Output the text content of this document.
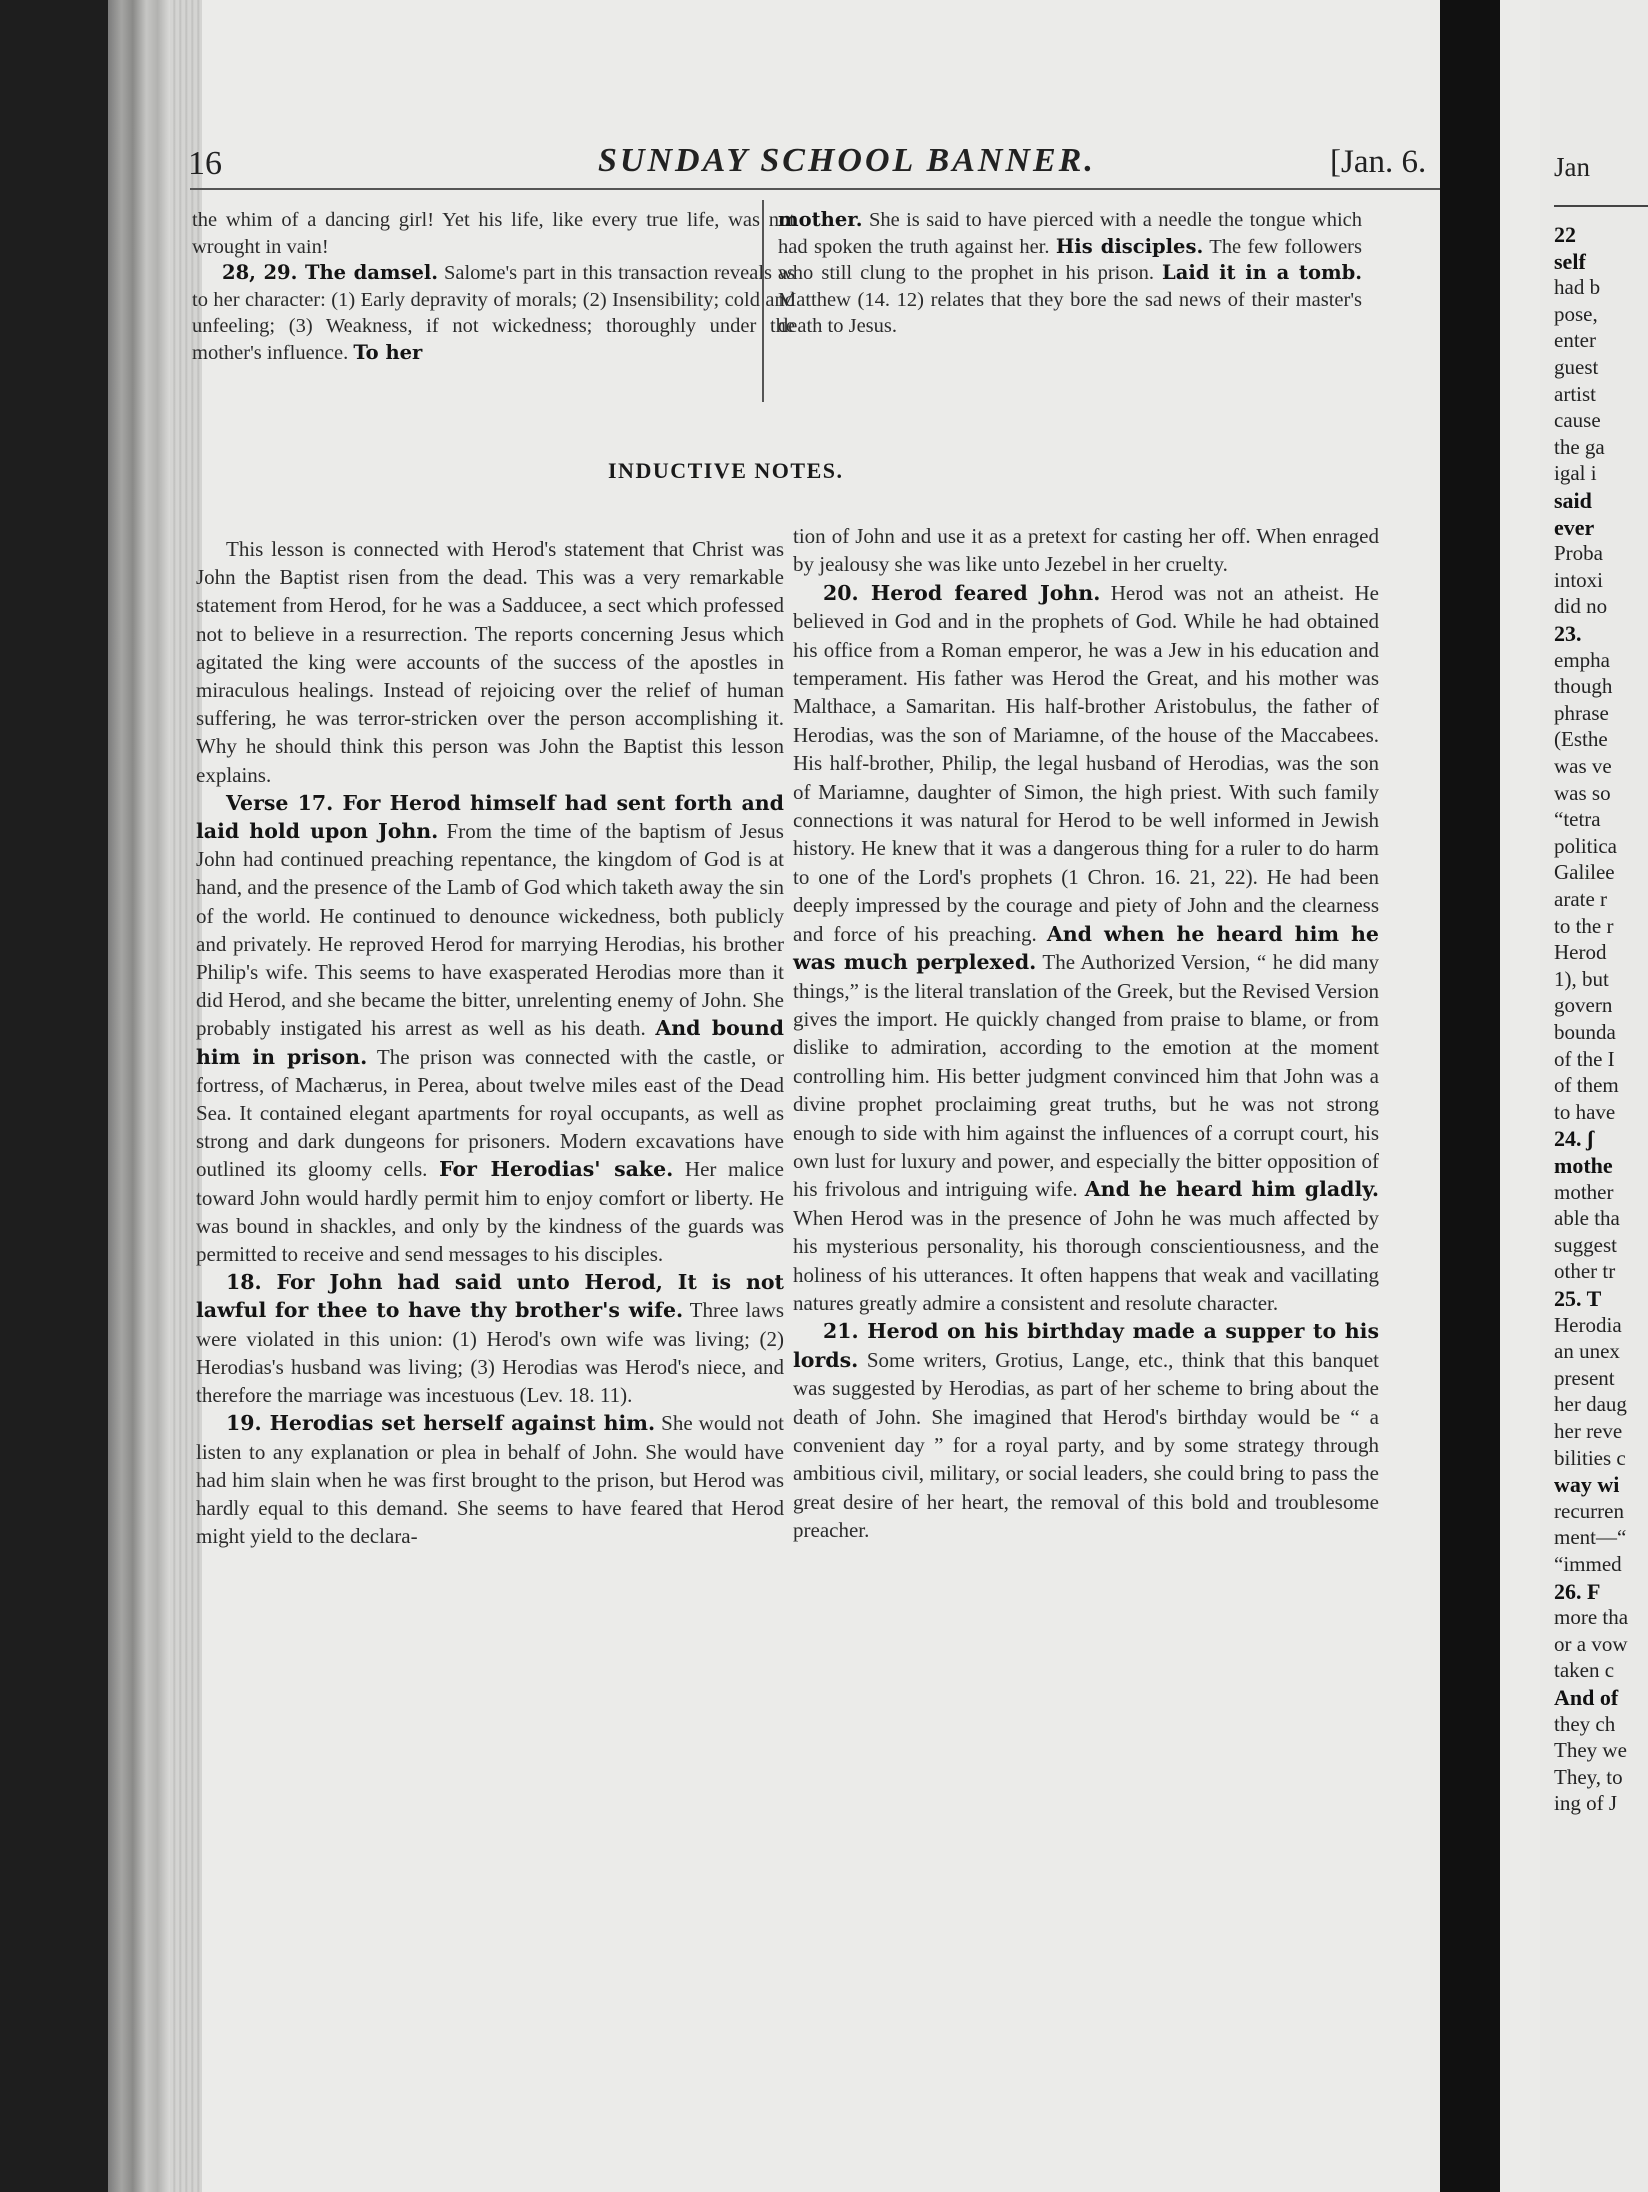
Jan
22
self
had b
pose,
enter
guest
artist
cause
the ga
igal i
said
ever
Proba
intoxi
did no
23.
empha
though
phrase
(Esthe
was ve
was so
“tetra
politica
Galilee
arate r
to the r
Herod
1), but
govern
bounda
of the I
of them
to have
24. ʃ
mothe
mother
able tha
suggest
other tr
25. T
Herodia
an unex
present
her daug
her reve
bilities c
way wi
recurren
ment—“
“immed
26. F
more tha
or a vow
taken c
And of
they ch
They we
They, to
ing of J
16	SUNDAY SCHOOL BANNER.	[Jan. 6.

the whim of a dancing girl! Yet his life, like every true life, was not wrought in vain!

28, 29. The damsel. Salome's part in this transaction reveals as to her character: (1) Early depravity of morals; (2) Insensibility; cold and unfeeling; (3) Weakness, if not wickedness; thoroughly under the mother's influence. To her

mother. She is said to have pierced with a needle the tongue which had spoken the truth against her. His disciples. The few followers who still clung to the prophet in his prison. Laid it in a tomb. Matthew (14. 12) relates that they bore the sad news of their master's death to Jesus.

INDUCTIVE NOTES.

This lesson is connected with Herod's statement that Christ was John the Baptist risen from the dead. This was a very remarkable statement from Herod, for he was a Sadducee, a sect which professed not to believe in a resurrection. The reports concerning Jesus which agitated the king were accounts of the success of the apostles in miraculous healings. Instead of rejoicing over the relief of human suffering, he was terror-stricken over the person accomplishing it. Why he should think this person was John the Baptist this lesson explains.

Verse 17. For Herod himself had sent forth and laid hold upon John. From the time of the baptism of Jesus John had continued preaching repentance, the kingdom of God is at hand, and the presence of the Lamb of God which taketh away the sin of the world. He continued to denounce wickedness, both publicly and privately. He reproved Herod for marrying Herodias, his brother Philip's wife. This seems to have exasperated Herodias more than it did Herod, and she became the bitter, unrelenting enemy of John. She probably instigated his arrest as well as his death. And bound him in prison. The prison was connected with the castle, or fortress, of Machærus, in Perea, about twelve miles east of the Dead Sea. It contained elegant apartments for royal occupants, as well as strong and dark dungeons for prisoners. Modern excavations have outlined its gloomy cells. For Herodias' sake. Her malice toward John would hardly permit him to enjoy comfort or liberty. He was bound in shackles, and only by the kindness of the guards was permitted to receive and send messages to his disciples.

18. For John had said unto Herod, It is not lawful for thee to have thy brother's wife. Three laws were violated in this union: (1) Herod's own wife was living; (2) Herodias's husband was living; (3) Herodias was Herod's niece, and therefore the marriage was incestuous (Lev. 18. 11).

19. Herodias set herself against him. She would not listen to any explanation or plea in behalf of John. She would have had him slain when he was first brought to the prison, but Herod was hardly equal to this demand. She seems to have feared that Herod might yield to the declara-

tion of John and use it as a pretext for casting her off. When enraged by jealousy she was like unto Jezebel in her cruelty.

20. Herod feared John. Herod was not an atheist. He believed in God and in the prophets of God. While he had obtained his office from a Roman emperor, he was a Jew in his education and temperament. His father was Herod the Great, and his mother was Malthace, a Samaritan. His half-brother Aristobulus, the father of Herodias, was the son of Mariamne, of the house of the Maccabees. His half-brother, Philip, the legal husband of Herodias, was the son of Mariamne, daughter of Simon, the high priest. With such family connections it was natural for Herod to be well informed in Jewish history. He knew that it was a dangerous thing for a ruler to do harm to one of the Lord's prophets (1 Chron. 16. 21, 22). He had been deeply impressed by the courage and piety of John and the clearness and force of his preaching. And when he heard him he was much perplexed. The Authorized Version, “ he did many things,” is the literal translation of the Greek, but the Revised Version gives the import. He quickly changed from praise to blame, or from dislike to admiration, according to the emotion at the moment controlling him. His better judgment convinced him that John was a divine prophet proclaiming great truths, but he was not strong enough to side with him against the influences of a corrupt court, his own lust for luxury and power, and especially the bitter opposition of his frivolous and intriguing wife. And he heard him gladly. When Herod was in the presence of John he was much affected by his mysterious personality, his thorough conscientiousness, and the holiness of his utterances. It often happens that weak and vacillating natures greatly admire a consistent and resolute character.

21. Herod on his birthday made a supper to his lords. Some writers, Grotius, Lange, etc., think that this banquet was suggested by Herodias, as part of her scheme to bring about the death of John. She imagined that Herod's birthday would be “ a convenient day ” for a royal party, and by some strategy through ambitious civil, military, or social leaders, she could bring to pass the great desire of her heart, the removal of this bold and troublesome preacher.
